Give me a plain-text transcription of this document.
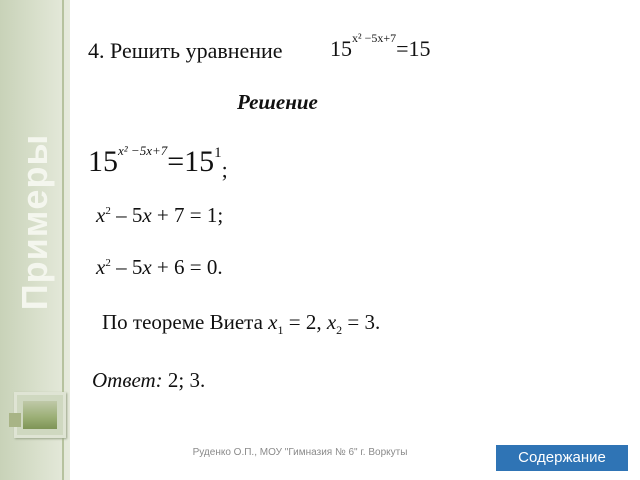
Примеры
4. Решить уравнение $15^{x^2 -5x+7}=15$
Решение
$15^{x^2 -5x+7}=15^1_;$
$x^2 - 5x + 7 = 1$;
$x^2 - 5x + 6 = 0$.
По теореме Виета $x_1 = 2$, $x_2 = 3$.
Ответ: 2; 3.
Руденко О.П., МОУ "Гимназия № 6" г. Воркуты	Содержание
